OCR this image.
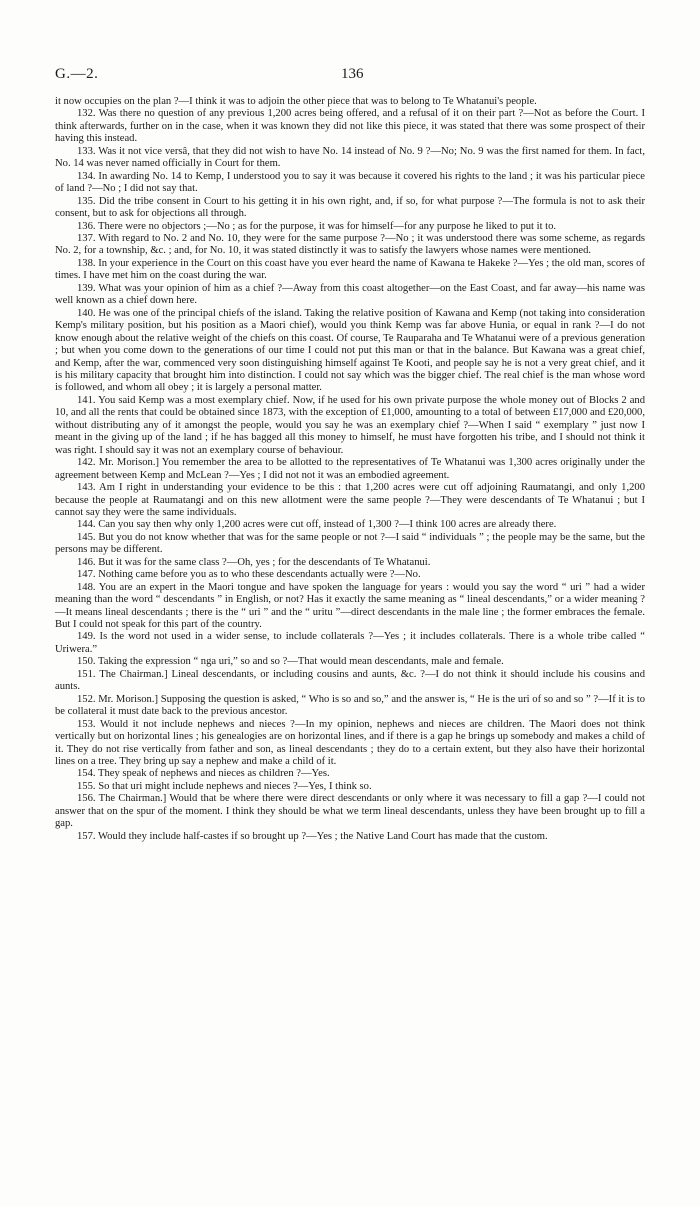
G.—2.	136

it now occupies on the plan ?—I think it was to adjoin the other piece that was to belong to Te Whatanui's people.

132. Was there no question of any previous 1,200 acres being offered, and a refusal of it on their part ?—Not as before the Court. I think afterwards, further on in the case, when it was known they did not like this piece, it was stated that there was some prospect of their having this instead.

133. Was it not vice versâ, that they did not wish to have No. 14 instead of No. 9 ?—No; No. 9 was the first named for them. In fact, No. 14 was never named officially in Court for them.

134. In awarding No. 14 to Kemp, I understood you to say it was because it covered his rights to the land ; it was his particular piece of land ?—No ; I did not say that.

135. Did the tribe consent in Court to his getting it in his own right, and, if so, for what purpose ?—The formula is not to ask their consent, but to ask for objections all through.

136. There were no objectors ;—No ; as for the purpose, it was for himself—for any purpose he liked to put it to.

137. With regard to No. 2 and No. 10, they were for the same purpose ?—No ; it was understood there was some scheme, as regards No. 2, for a township, &c. ; and, for No. 10, it was stated distinctly it was to satisfy the lawyers whose names were mentioned.

138. In your experience in the Court on this coast have you ever heard the name of Kawana te Hakeke ?—Yes ; the old man, scores of times. I have met him on the coast during the war.

139. What was your opinion of him as a chief ?—Away from this coast altogether—on the East Coast, and far away—his name was well known as a chief down here.

140. He was one of the principal chiefs of the island. Taking the relative position of Kawana and Kemp (not taking into consideration Kemp's military position, but his position as a Maori chief), would you think Kemp was far above Hunia, or equal in rank ?—I do not know enough about the relative weight of the chiefs on this coast. Of course, Te Rauparaha and Te Whatanui were of a previous generation ; but when you come down to the generations of our time I could not put this man or that in the balance. But Kawana was a great chief, and Kemp, after the war, commenced very soon distinguishing himself against Te Kooti, and people say he is not a very great chief, and it is his military capacity that brought him into distinction. I could not say which was the bigger chief. The real chief is the man whose word is followed, and whom all obey ; it is largely a personal matter.

141. You said Kemp was a most exemplary chief. Now, if he used for his own private purpose the whole money out of Blocks 2 and 10, and all the rents that could be obtained since 1873, with the exception of £1,000, amounting to a total of between £17,000 and £20,000, without distributing any of it amongst the people, would you say he was an exemplary chief ?—When I said “ exemplary ” just now I meant in the giving up of the land ; if he has bagged all this money to himself, he must have forgotten his tribe, and I should not think it was right. I should say it was not an exemplary course of behaviour.

142. Mr. Morison.] You remember the area to be allotted to the representatives of Te Whatanui was 1,300 acres originally under the agreement between Kemp and McLean ?—Yes ; I did not not it was an embodied agreement.

143. Am I right in understanding your evidence to be this : that 1,200 acres were cut off adjoining Raumatangi, and only 1,200 because the people at Raumatangi and on this new allotment were the same people ?—They were descendants of Te Whatanui ; but I cannot say they were the same individuals.

144. Can you say then why only 1,200 acres were cut off, instead of 1,300 ?—I think 100 acres are already there.

145. But you do not know whether that was for the same people or not ?—I said “ individuals ” ; the people may be the same, but the persons may be different.

146. But it was for the same class ?—Oh, yes ; for the descendants of Te Whatanui.

147. Nothing came before you as to who these descendants actually were ?—No.

148. You are an expert in the Maori tongue and have spoken the language for years : would you say the word “ uri ” had a wider meaning than the word “ descendants ” in English, or not? Has it exactly the same meaning as “ lineal descendants,” or a wider meaning ?—It means lineal descendants ; there is the “ uri ” and the “ uritu ”—direct descendants in the male line ; the former embraces the female. But I could not speak for this part of the country.

149. Is the word not used in a wider sense, to include collaterals ?—Yes ; it includes collaterals. There is a whole tribe called “ Uriwera.”

150. Taking the expression “ nga uri,” so and so ?—That would mean descendants, male and female.

151. The Chairman.] Lineal descendants, or including cousins and aunts, &c. ?—I do not think it should include his cousins and aunts.

152. Mr. Morison.] Supposing the question is asked, “ Who is so and so,” and the answer is, “ He is the uri of so and so ” ?—If it is to be collateral it must date back to the previous ancestor.

153. Would it not include nephews and nieces ?—In my opinion, nephews and nieces are children. The Maori does not think vertically but on horizontal lines ; his genealogies are on horizontal lines, and if there is a gap he brings up somebody and makes a child of it. They do not rise vertically from father and son, as lineal descendants ; they do to a certain extent, but they also have their horizontal lines on a tree. They bring up say a nephew and make a child of it.

154. They speak of nephews and nieces as children ?—Yes.

155. So that uri might include nephews and nieces ?—Yes, I think so.

156. The Chairman.] Would that be where there were direct descendants or only where it was necessary to fill a gap ?—I could not answer that on the spur of the moment. I think they should be what we term lineal descendants, unless they have been brought up to fill a gap.

157. Would they include half-castes if so brought up ?—Yes ; the Native Land Court has made that the custom.
